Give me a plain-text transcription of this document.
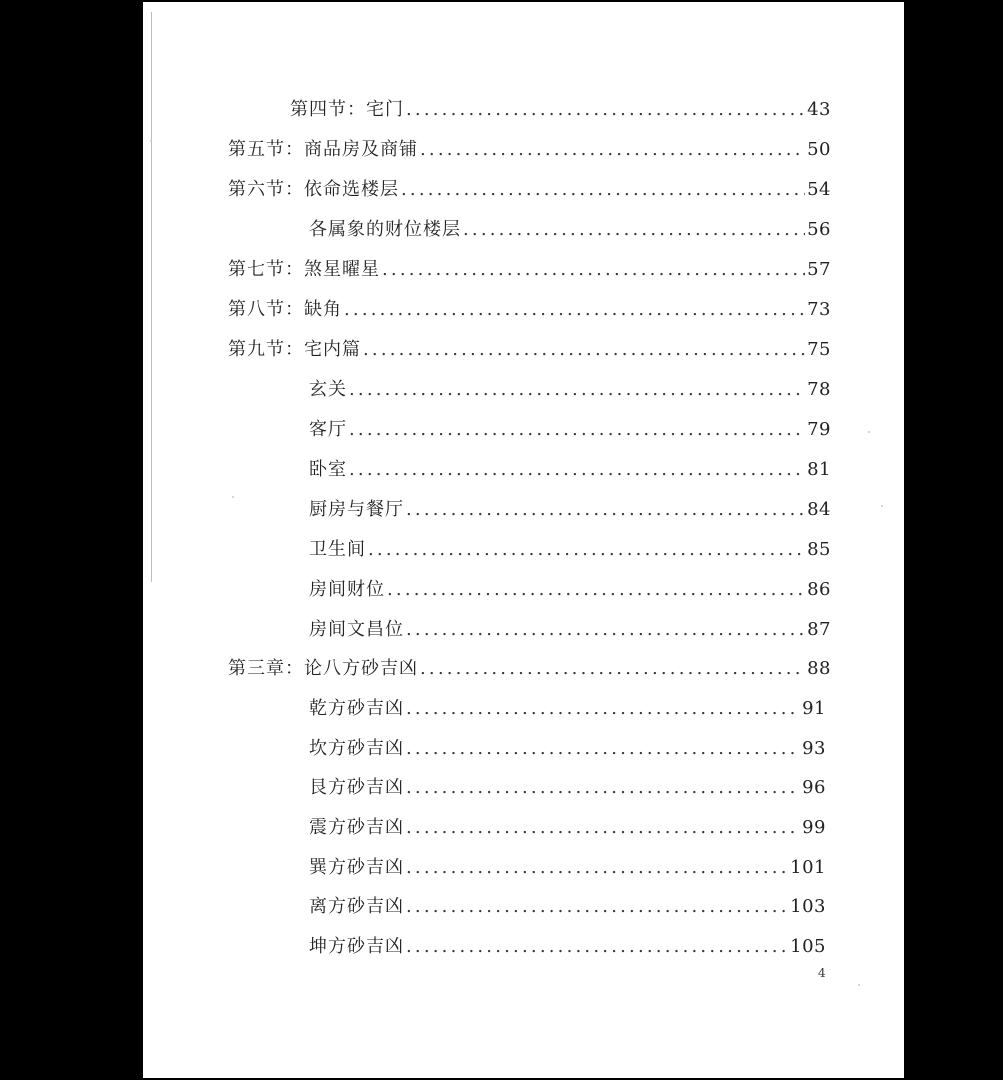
第四节：宅门 .....	43
第五节：商品房及商铺 .....	50
第六节：依命选楼层 .....	54
各属象的财位楼层 .....	56
第七节：煞星曜星 .....	57
第八节：缺角 .....	73
第九节：宅内篇 .....	75
玄关 .....	78
客厅 .....	79
卧室 .....	81
厨房与餐厅 .....	84
卫生间 .....	85
房间财位 .....	86
房间文昌位 .....	87
第三章：论八方砂吉凶 .....	88
乾方砂吉凶 .....	91
坎方砂吉凶 .....	93
艮方砂吉凶 .....	96
震方砂吉凶 .....	99
巽方砂吉凶 .....	101
离方砂吉凶 .....	103
坤方砂吉凶 .....	105
4
